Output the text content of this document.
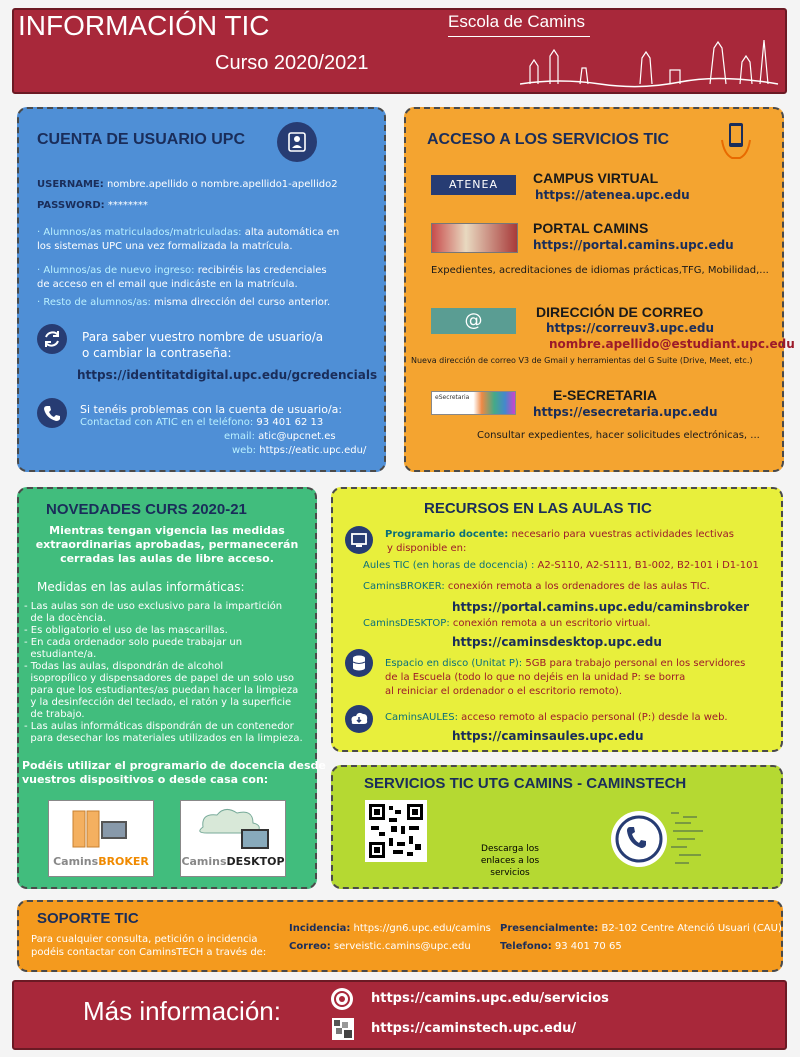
INFORMACIÓN TIC
Curso 2020/2021
Escola de Camins
CUENTA DE USUARIO UPC
USERNAME: nombre.apellido o nombre.apellido1-apellido2
PASSWORD: ********
· Alumnos/as matriculados/matriculadas: alta automática en
los sistemas UPC una vez formalizada la matrícula.
· Alumnos/as de nuevo ingreso: recibiréis las credenciales
de acceso en el email que indicáste en la matrícula.
· Resto de alumnos/as: misma dirección del curso anterior.
Para saber vuestro nombre de usuario/a
o cambiar la contraseña:
https://identitatdigital.upc.edu/gcredencials
Si tenéis problemas con la cuenta de usuario/a:
Contactad con ATIC en el teléfono: 93 401 62 13
email: atic@upcnet.es
web: https://eatic.upc.edu/
ACCESO A LOS SERVICIOS TIC
ATENEA	CAMPUS VIRTUAL
https://atenea.upc.edu
PORTAL CAMINS
https://portal.camins.upc.edu
Expedientes, acreditaciones de idiomas prácticas,TFG, Mobilidad,...
@	DIRECCIÓN DE CORREO
https://correuv3.upc.edu
nombre.apellido@estudiant.upc.edu
Nueva dirección de correo V3 de Gmail y herramientas del G Suite (Drive, Meet, etc.)
eSecretaria	E-SECRETARIA
https://esecretaria.upc.edu
Consultar expedientes, hacer solicitudes electrónicas, ...
NOVEDADES CURS 2020-21
Mientras tengan vigencia las medidas
extraordinarias aprobadas, permanecerán
cerradas las aulas de libre acceso.
Medidas en las aulas informáticas:
- Las aulas son de uso exclusivo para la impartición
de la docència.
- Es obligatorio el uso de las mascarillas.
- En cada ordenador solo puede trabajar un
estudiante/a.
- Todas las aulas, dispondrán de alcohol
isopropílico y dispensadores de papel de un solo uso
para que los estudiantes/as puedan hacer la limpieza
y la desinfección del teclado, el ratón y la superficie
de trabajo.
- Las aulas informáticas dispondrán de un contenedor
para desechar los materiales utilizados en la limpieza.
Podéis utilizar el programario de docencia desde
vuestros dispositivos o desde casa con:
CaminsBROKER	CaminsDESKTOP
RECURSOS EN LAS AULAS TIC
Programario docente: necesario para vuestras actividades lectivas
y disponible en:
Aules TIC (en horas de docencia) : A2-S110, A2-S111, B1-002, B2-101 i D1-101
CaminsBROKER: conexión remota a los ordenadores de las aulas TIC.
https://portal.camins.upc.edu/caminsbroker
CaminsDESKTOP: conexión remota a un escritorio virtual.
https://caminsdesktop.upc.edu
Espacio en disco (Unitat P): 5GB para trabajo personal en los servidores
de la Escuela (todo lo que no dejéis en la unidad P: se borra
al reiniciar el ordenador o el escritorio remoto).
CaminsAULES: acceso remoto al espacio personal (P:) desde la web.
https://caminsaules.upc.edu
SERVICIOS TIC UTG CAMINS - CAMINSTECH
Descarga los
enlaces a los servicios
SOPORTE TIC
Para cualquier consulta, petición o incidencia
podéis contactar con CaminsTECH a través de:
Incidencia: https://gn6.upc.edu/camins
Correo: serveistic.camins@upc.edu
Presencialmente: B2-102 Centre Atenció Usuari (CAU)
Telefono: 93 401 70 65
Más información:	https://camins.upc.edu/servicios
https://caminstech.upc.edu/
